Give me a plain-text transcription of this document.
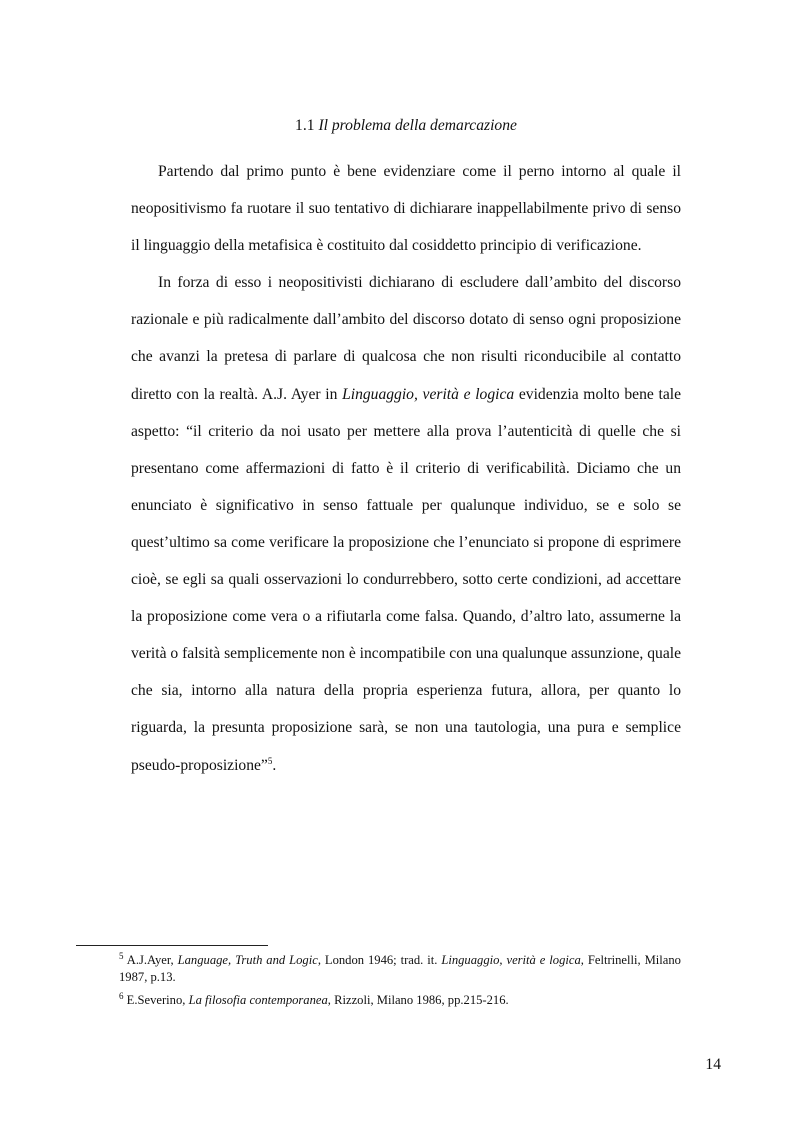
1.1 Il problema della demarcazione

Partendo dal primo punto è bene evidenziare come il perno intorno al quale il neopositivismo fa ruotare il suo tentativo di dichiarare inappellabilmente privo di senso il linguaggio della metafisica è costituito dal cosiddetto principio di verificazione.

In forza di esso i neopositivisti dichiarano di escludere dall’ambito del discorso razionale e più radicalmente dall’ambito del discorso dotato di senso ogni proposizione che avanzi la pretesa di parlare di qualcosa che non risulti riconducibile al contatto diretto con la realtà. A.J. Ayer in Linguaggio, verità e logica evidenzia molto bene tale aspetto: “il criterio da noi usato per mettere alla prova l’autenticità di quelle che si presentano come affermazioni di fatto è il criterio di verificabilità. Diciamo che un enunciato è significativo in senso fattuale per qualunque individuo, se e solo se quest’ultimo sa come verificare la proposizione che l’enunciato si propone di esprimere cioè, se egli sa quali osservazioni lo condurrebbero, sotto certe condizioni, ad accettare la proposizione come vera o a rifiutarla come falsa. Quando, d’altro lato, assumerne la verità o falsità semplicemente non è incompatibile con una qualunque assunzione, quale che sia, intorno alla natura della propria esperienza futura, allora, per quanto lo riguarda, la presunta proposizione sarà, se non una tautologia, una pura e semplice pseudo-proposizione”$^5$.

$^5$ A.J.Ayer, Language, Truth and Logic, London 1946; trad. it. Linguaggio, verità e logica, Feltrinelli, Milano 1987, p.13.

$^6$ E.Severino, La filosofia contemporanea, Rizzoli, Milano 1986, pp.215-216.

14
